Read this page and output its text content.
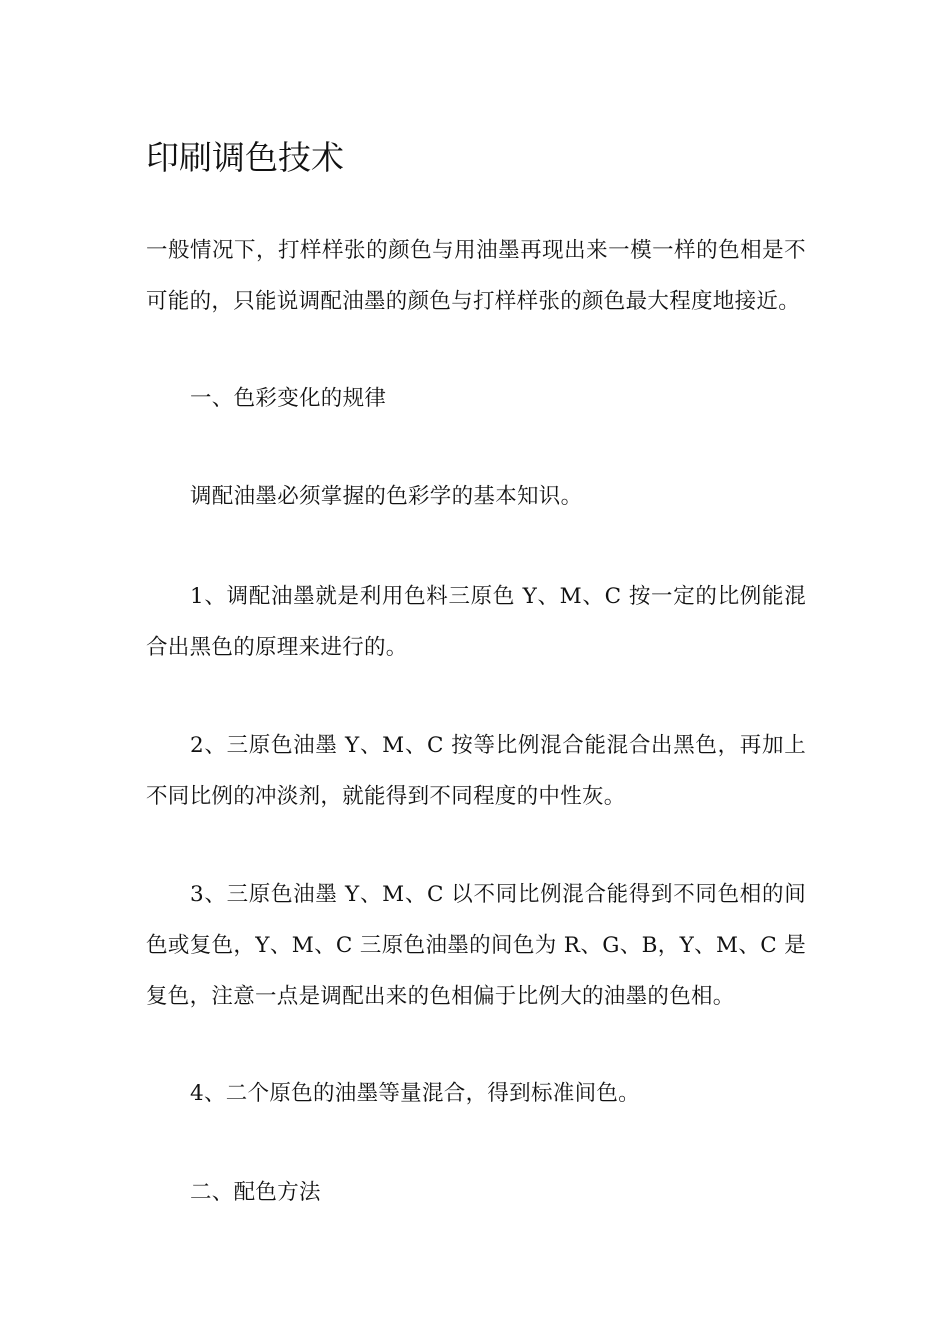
印刷调色技术

一般情况下，打样样张的颜色与用油墨再现出来一模一样的色相是不可能的，只能说调配油墨的颜色与打样样张的颜色最大程度地接近。

一、色彩变化的规律

调配油墨必须掌握的色彩学的基本知识。

1、调配油墨就是利用色料三原色 Y、M、C 按一定的比例能混合出黑色的原理来进行的。

2、三原色油墨 Y、M、C 按等比例混合能混合出黑色，再加上不同比例的冲淡剂，就能得到不同程度的中性灰。

3、三原色油墨 Y、M、C 以不同比例混合能得到不同色相的间色或复色，Y、M、C 三原色油墨的间色为 R、G、B，Y、M、C 是复色，注意一点是调配出来的色相偏于比例大的油墨的色相。

4、二个原色的油墨等量混合，得到标准间色。

二、配色方法
